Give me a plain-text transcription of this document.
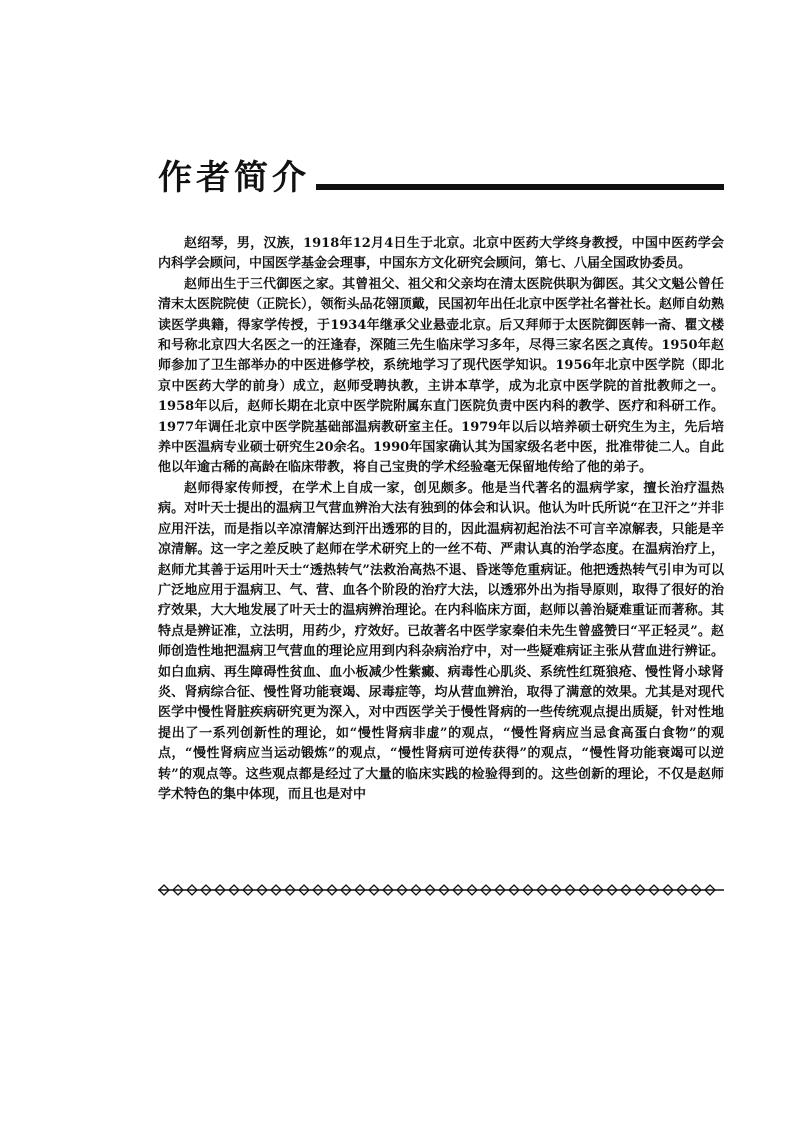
作者简介

赵绍琴，男，汉族，1918年12月4日生于北京。北京中医药大学终身教授，中国中医药学会内科学会顾问，中国医学基金会理事，中国东方文化研究会顾问，第七、八届全国政协委员。

赵师出生于三代御医之家。其曾祖父、祖父和父亲均在清太医院供职为御医。其父文魁公曾任清末太医院院使（正院长），领衔头品花翎顶戴，民国初年出任北京中医学社名誉社长。赵师自幼熟读医学典籍，得家学传授，于1934年继承父业悬壶北京。后又拜师于太医院御医韩一斋、瞿文楼和号称北京四大名医之一的汪逢春，深随三先生临床学习多年，尽得三家名医之真传。1950年赵师参加了卫生部举办的中医进修学校，系统地学习了现代医学知识。1956年北京中医学院（即北京中医药大学的前身）成立，赵师受聘执教，主讲本草学，成为北京中医学院的首批教师之一。1958年以后，赵师长期在北京中医学院附属东直门医院负责中医内科的教学、医疗和科研工作。1977年调任北京中医学院基础部温病教研室主任。1979年以后以培养硕士研究生为主，先后培养中医温病专业硕士研究生20余名。1990年国家确认其为国家级名老中医，批准带徒二人。自此他以年逾古稀的高龄在临床带教，将自己宝贵的学术经验毫无保留地传给了他的弟子。

赵师得家传师授，在学术上自成一家，创见颇多。他是当代著名的温病学家，擅长治疗温热病。对叶天士提出的温病卫气营血辨治大法有独到的体会和认识。他认为叶氏所说“在卫汗之”并非应用汗法，而是指以辛凉清解达到汗出透邪的目的，因此温病初起治法不可言辛凉解表，只能是辛凉清解。这一字之差反映了赵师在学术研究上的一丝不苟、严肃认真的治学态度。在温病治疗上，赵师尤其善于运用叶天士“透热转气”法救治高热不退、昏迷等危重病证。他把透热转气引申为可以广泛地应用于温病卫、气、营、血各个阶段的治疗大法，以透邪外出为指导原则，取得了很好的治疗效果，大大地发展了叶天士的温病辨治理论。在内科临床方面，赵师以善治疑难重证而著称。其特点是辨证准，立法明，用药少，疗效好。已故著名中医学家秦伯未先生曾盛赞曰“平正轻灵”。赵师创造性地把温病卫气营血的理论应用到内科杂病治疗中，对一些疑难病证主张从营血进行辨证。如白血病、再生障碍性贫血、血小板减少性紫癜、病毒性心肌炎、系统性红斑狼疮、慢性肾小球肾炎、肾病综合征、慢性肾功能衰竭、尿毒症等，均从营血辨治，取得了满意的效果。尤其是对现代医学中慢性肾脏疾病研究更为深入，对中西医学关于慢性肾病的一些传统观点提出质疑，针对性地提出了一系列创新性的理论，如“慢性肾病非虚”的观点，“慢性肾病应当忌食高蛋白食物”的观点，“慢性肾病应当运动锻炼”的观点，“慢性肾病可逆传获得”的观点，“慢性肾功能衰竭可以逆转”的观点等。这些观点都是经过了大量的临床实践的检验得到的。这些创新的理论，不仅是赵师学术特色的集中体现，而且也是对中
